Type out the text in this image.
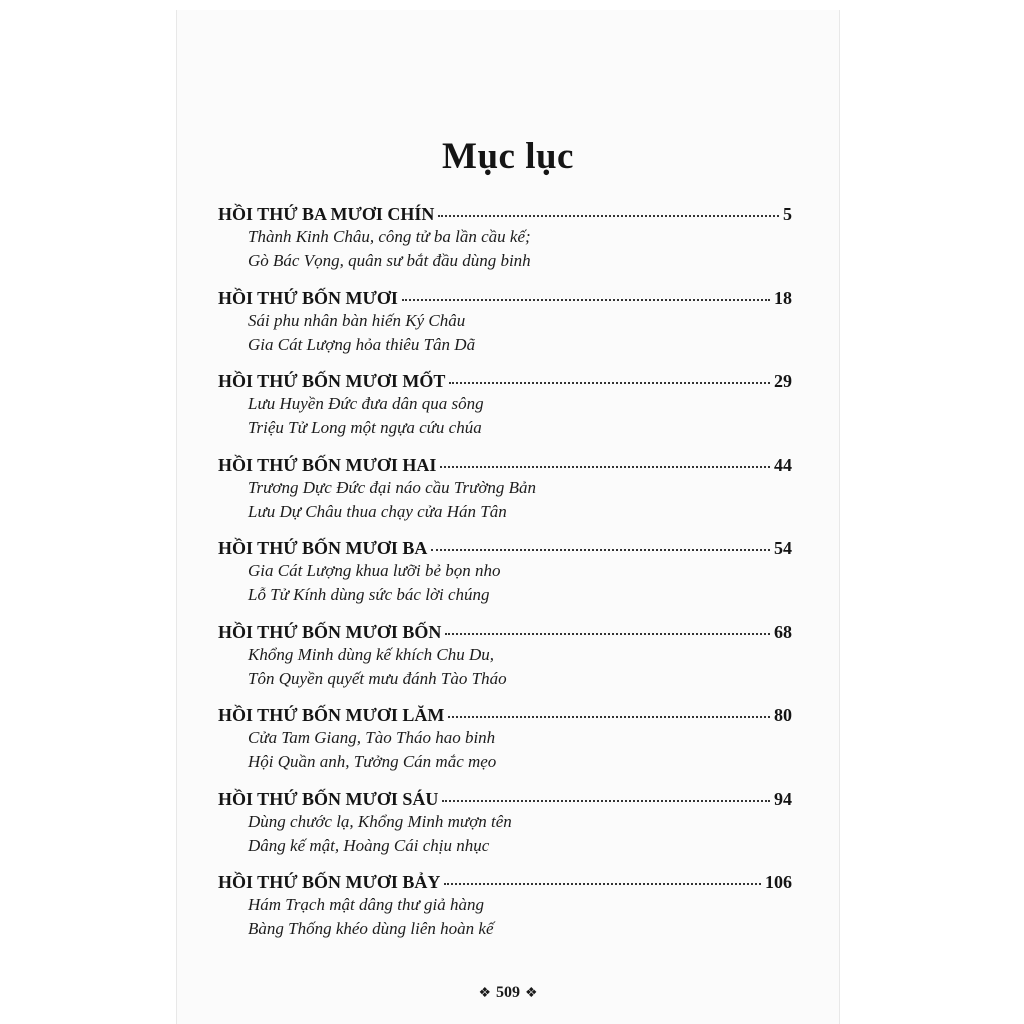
Mục lục
HỒI THỨ BA MƯƠI CHÍN	5
Thành Kinh Châu, công tử ba lần cầu kế;
Gò Bác Vọng, quân sư bắt đầu dùng binh
HỒI THỨ BỐN MƯƠI	18
Sái phu nhân bàn hiến Ký Châu
Gia Cát Lượng hỏa thiêu Tân Dã
HỒI THỨ BỐN MƯƠI MỐT	29
Lưu Huyền Đức đưa dân qua sông
Triệu Tử Long một ngựa cứu chúa
HỒI THỨ BỐN MƯƠI HAI	44
Trương Dực Đức đại náo cầu Trường Bản
Lưu Dự Châu thua chạy cửa Hán Tân
HỒI THỨ BỐN MƯƠI BA	54
Gia Cát Lượng khua lưỡi bẻ bọn nho
Lỗ Tử Kính dùng sức bác lời chúng
HỒI THỨ BỐN MƯƠI BỐN	68
Khổng Minh dùng kế khích Chu Du,
Tôn Quyền quyết mưu đánh Tào Tháo
HỒI THỨ BỐN MƯƠI LĂM	80
Cửa Tam Giang, Tào Tháo hao binh
Hội Quần anh, Tưởng Cán mắc mẹo
HỒI THỨ BỐN MƯƠI SÁU	94
Dùng chước lạ, Khổng Minh mượn tên
Dâng kế mật, Hoàng Cái chịu nhục
HỒI THỨ BỐN MƯƠI BẢY	106
Hám Trạch mật dâng thư giả hàng
Bàng Thống khéo dùng liên hoàn kế
❖ 509 ❖
